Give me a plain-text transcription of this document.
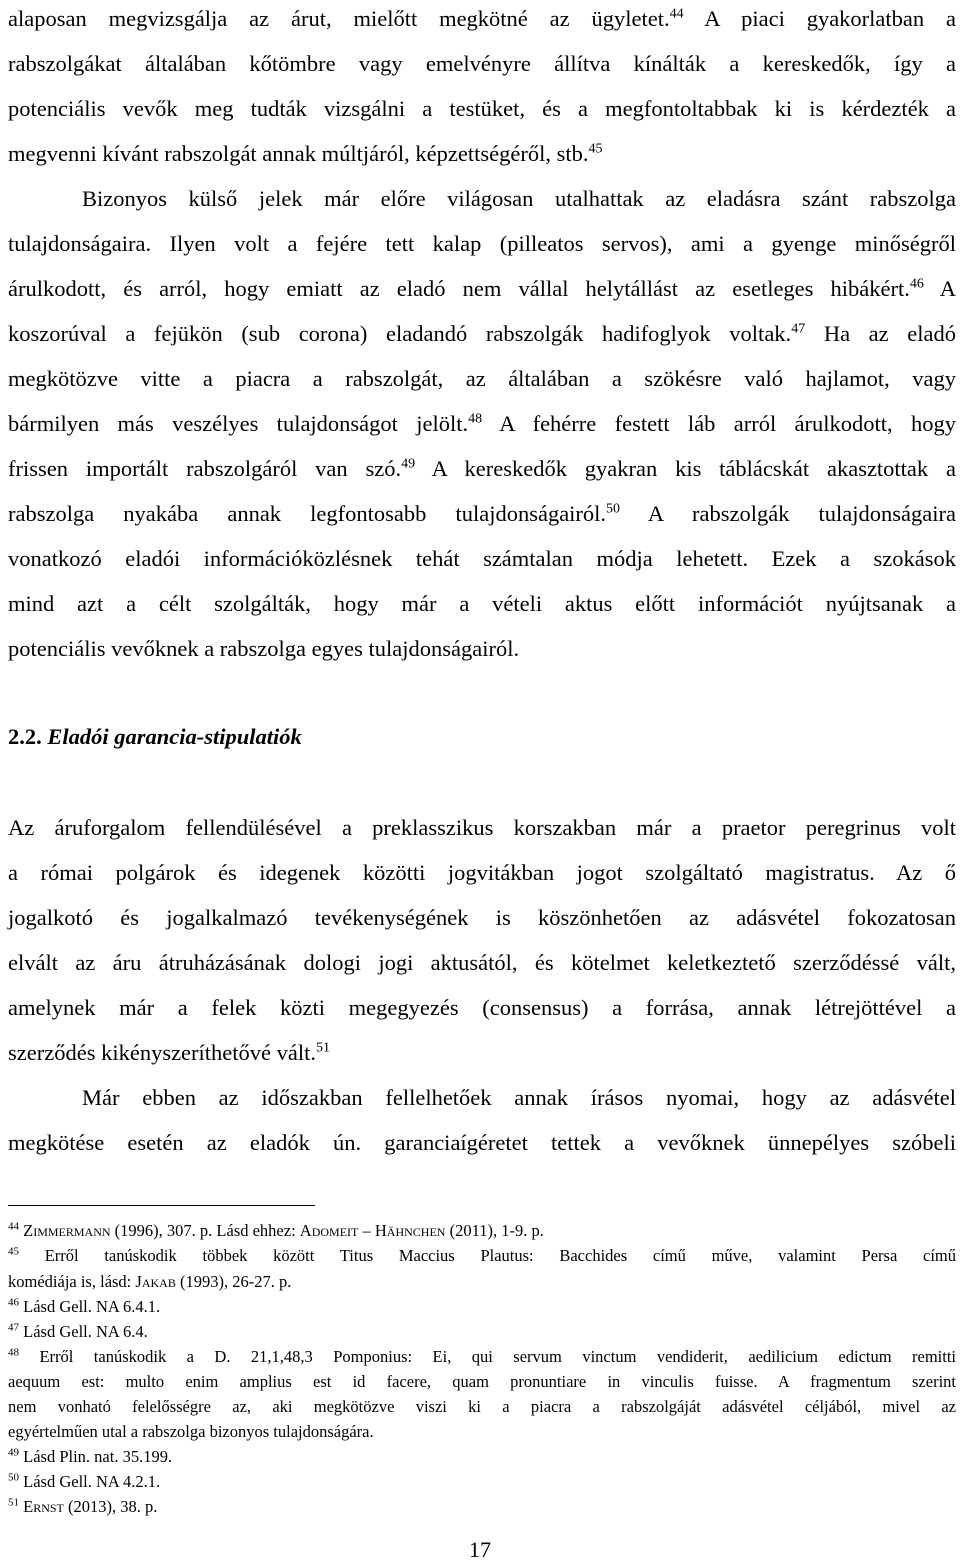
alaposan megvizsgálja az árut, mielőtt megkötné az ügyletet.$^{44}$ A piaci gyakorlatban a
rabszolgákat általában kőtömbre vagy emelvényre állítva kínálták a kereskedők, így a
potenciális vevők meg tudták vizsgálni a testüket, és a megfontoltabbak ki is kérdezték a
megvenni kívánt rabszolgát annak múltjáról, képzettségéről, stb.$^{45}$
Bizonyos külső jelek már előre világosan utalhattak az eladásra szánt rabszolga
tulajdonságaira. Ilyen volt a fejére tett kalap (pilleatos servos), ami a gyenge minőségről
árulkodott, és arról, hogy emiatt az eladó nem vállal helytállást az esetleges hibákért.$^{46}$ A
koszorúval a fejükön (sub corona) eladandó rabszolgák hadifoglyok voltak.$^{47}$ Ha az eladó
megkötözve vitte a piacra a rabszolgát, az általában a szökésre való hajlamot, vagy
bármilyen más veszélyes tulajdonságot jelölt.$^{48}$ A fehérre festett láb arról árulkodott, hogy
frissen importált rabszolgáról van szó.$^{49}$ A kereskedők gyakran kis táblácskát akasztottak a
rabszolga nyakába annak legfontosabb tulajdonságairól.$^{50}$ A rabszolgák tulajdonságaira
vonatkozó eladói információközlésnek tehát számtalan módja lehetett. Ezek a szokások
mind azt a célt szolgálták, hogy már a vételi aktus előtt információt nyújtsanak a
potenciális vevőknek a rabszolga egyes tulajdonságairól.
2.2. Eladói garancia-stipulatiók
Az áruforgalom fellendülésével a preklasszikus korszakban már a praetor peregrinus volt
a római polgárok és idegenek közötti jogvitákban jogot szolgáltató magistratus. Az ő
jogalkotó és jogalkalmazó tevékenységének is köszönhetően az adásvétel fokozatosan
elvált az áru átruházásának dologi jogi aktusától, és kötelmet keletkeztető szerződéssé vált,
amelynek már a felek közti megegyezés (consensus) a forrása, annak létrejöttével a
szerződés kikényszeríthetővé vált.$^{51}$
Már ebben az időszakban fellelhetőek annak írásos nyomai, hogy az adásvétel
megkötése esetén az eladók ún. garanciaígéretet tettek a vevőknek ünnepélyes szóbeli
$^{44}$ Zimmermann (1996), 307. p. Lásd ehhez: Adomeit – Hähnchen (2011), 1-9. p.
$^{45}$ Erről tanúskodik többek között Titus Maccius Plautus: Bacchides című műve, valamint Persa című
komédiája is, lásd: Jakab (1993), 26-27. p.
$^{46}$ Lásd Gell. NA 6.4.1.
$^{47}$ Lásd Gell. NA 6.4.
$^{48}$ Erről tanúskodik a D. 21,1,48,3 Pomponius: Ei, qui servum vinctum vendiderit, aedilicium edictum remitti
aequum est: multo enim amplius est id facere, quam pronuntiare in vinculis fuisse. A fragmentum szerint
nem vonható felelősségre az, aki megkötözve viszi ki a piacra a rabszolgáját adásvétel céljából, mivel az
egyértelműen utal a rabszolga bizonyos tulajdonságára.
$^{49}$ Lásd Plin. nat. 35.199.
$^{50}$ Lásd Gell. NA 4.2.1.
$^{51}$ Ernst (2013), 38. p.
17
